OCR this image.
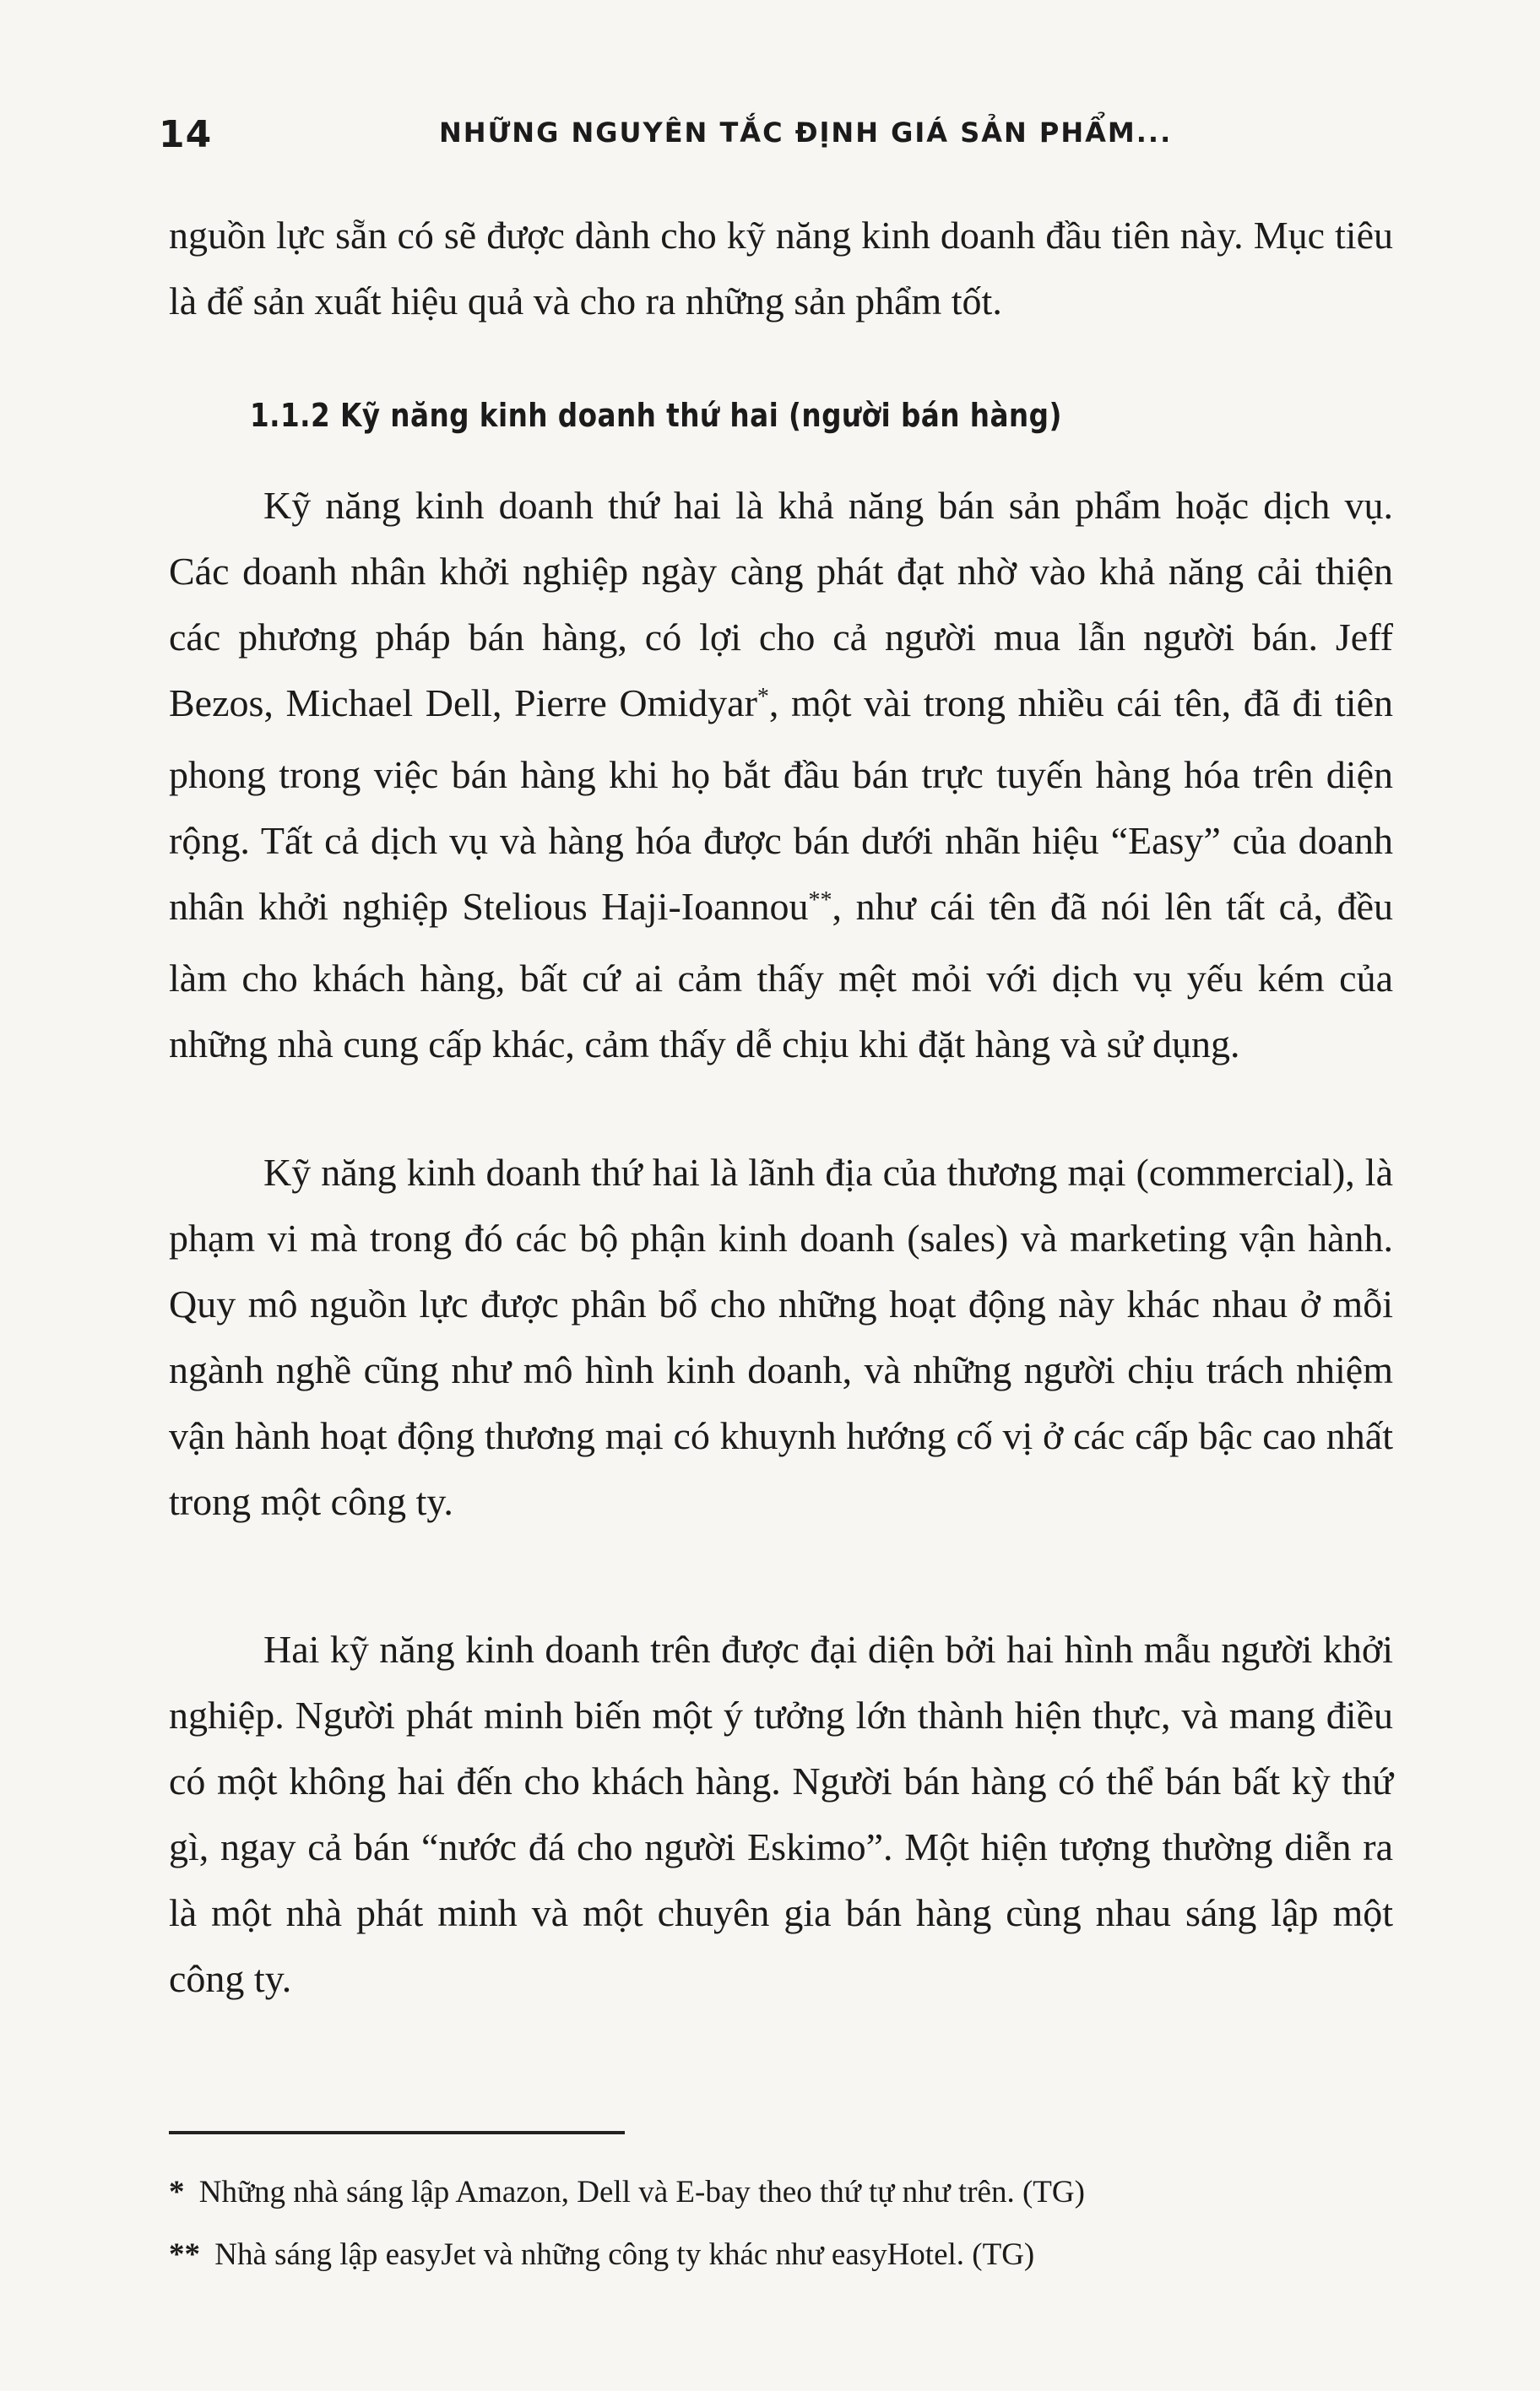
14	NHỮNG NGUYÊN TẮC ĐỊNH GIÁ SẢN PHẨM...

nguồn lực sẵn có sẽ được dành cho kỹ năng kinh doanh đầu tiên này. Mục tiêu là để sản xuất hiệu quả và cho ra những sản phẩm tốt.

1.1.2 Kỹ năng kinh doanh thứ hai (người bán hàng)

Kỹ năng kinh doanh thứ hai là khả năng bán sản phẩm hoặc dịch vụ. Các doanh nhân khởi nghiệp ngày càng phát đạt nhờ vào khả năng cải thiện các phương pháp bán hàng, có lợi cho cả người mua lẫn người bán. Jeff Bezos, Michael Dell, Pierre Omidyar*, một vài trong nhiều cái tên, đã đi tiên phong trong việc bán hàng khi họ bắt đầu bán trực tuyến hàng hóa trên diện rộng. Tất cả dịch vụ và hàng hóa được bán dưới nhãn hiệu “Easy” của doanh nhân khởi nghiệp Stelious Haji-Ioannou**, như cái tên đã nói lên tất cả, đều làm cho khách hàng, bất cứ ai cảm thấy mệt mỏi với dịch vụ yếu kém của những nhà cung cấp khác, cảm thấy dễ chịu khi đặt hàng và sử dụng.

Kỹ năng kinh doanh thứ hai là lãnh địa của thương mại (commercial), là phạm vi mà trong đó các bộ phận kinh doanh (sales) và marketing vận hành. Quy mô nguồn lực được phân bổ cho những hoạt động này khác nhau ở mỗi ngành nghề cũng như mô hình kinh doanh, và những người chịu trách nhiệm vận hành hoạt động thương mại có khuynh hướng cố vị ở các cấp bậc cao nhất trong một công ty.

Hai kỹ năng kinh doanh trên được đại diện bởi hai hình mẫu người khởi nghiệp. Người phát minh biến một ý tưởng lớn thành hiện thực, và mang điều có một không hai đến cho khách hàng. Người bán hàng có thể bán bất kỳ thứ gì, ngay cả bán “nước đá cho người Eskimo”. Một hiện tượng thường diễn ra là một nhà phát minh và một chuyên gia bán hàng cùng nhau sáng lập một công ty.

* Những nhà sáng lập Amazon, Dell và E-bay theo thứ tự như trên. (TG)
** Nhà sáng lập easyJet và những công ty khác như easyHotel. (TG)
